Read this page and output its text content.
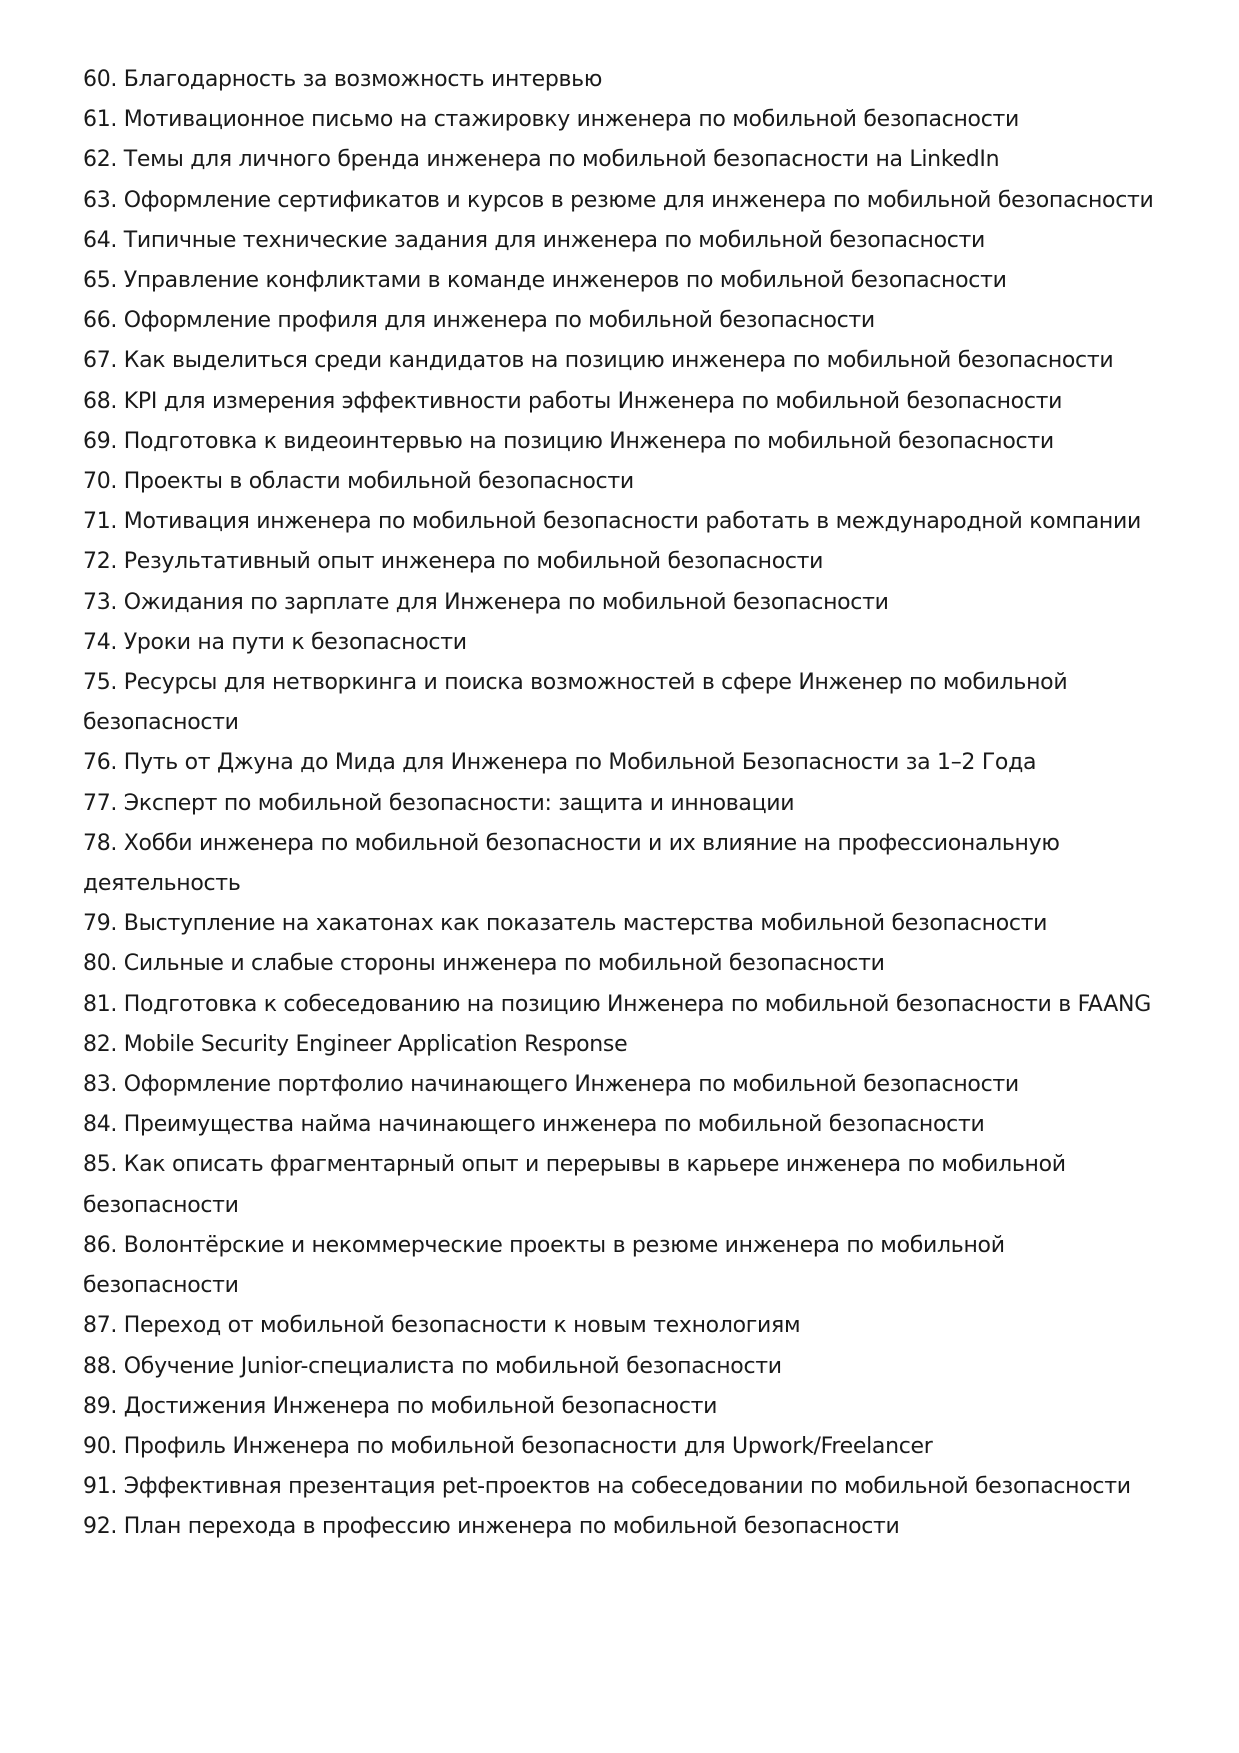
60. Благодарность за возможность интервью
61. Мотивационное письмо на стажировку инженера по мобильной безопасности
62. Темы для личного бренда инженера по мобильной безопасности на LinkedIn
63. Оформление сертификатов и курсов в резюме для инженера по мобильной безопасности
64. Типичные технические задания для инженера по мобильной безопасности
65. Управление конфликтами в команде инженеров по мобильной безопасности
66. Оформление профиля для инженера по мобильной безопасности
67. Как выделиться среди кандидатов на позицию инженера по мобильной безопасности
68. KPI для измерения эффективности работы Инженера по мобильной безопасности
69. Подготовка к видеоинтервью на позицию Инженера по мобильной безопасности
70. Проекты в области мобильной безопасности
71. Мотивация инженера по мобильной безопасности работать в международной компании
72. Результативный опыт инженера по мобильной безопасности
73. Ожидания по зарплате для Инженера по мобильной безопасности
74. Уроки на пути к безопасности
75. Ресурсы для нетворкинга и поиска возможностей в сфере Инженер по мобильной безопасности
76. Путь от Джуна до Мида для Инженера по Мобильной Безопасности за 1–2 Года
77. Эксперт по мобильной безопасности: защита и инновации
78. Хобби инженера по мобильной безопасности и их влияние на профессиональную деятельность
79. Выступление на хакатонах как показатель мастерства мобильной безопасности
80. Сильные и слабые стороны инженера по мобильной безопасности
81. Подготовка к собеседованию на позицию Инженера по мобильной безопасности в FAANG
82. Mobile Security Engineer Application Response
83. Оформление портфолио начинающего Инженера по мобильной безопасности
84. Преимущества найма начинающего инженера по мобильной безопасности
85. Как описать фрагментарный опыт и перерывы в карьере инженера по мобильной безопасности
86. Волонтёрские и некоммерческие проекты в резюме инженера по мобильной безопасности
87. Переход от мобильной безопасности к новым технологиям
88. Обучение Junior-специалиста по мобильной безопасности
89. Достижения Инженера по мобильной безопасности
90. Профиль Инженера по мобильной безопасности для Upwork/Freelancer
91. Эффективная презентация pet-проектов на собеседовании по мобильной безопасности
92. План перехода в профессию инженера по мобильной безопасности
